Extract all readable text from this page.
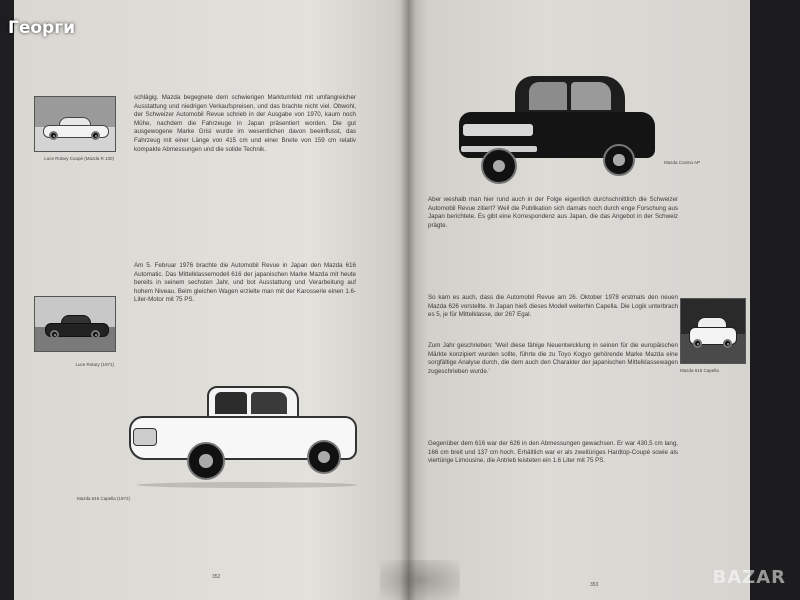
Георги
Luce Rotary Coupé (Mazda R 130)
Luce Rotary (1971)
Mazda 616 Capella (1972)

schlägig. Mazda begegnete dem schwierigen Marktumfeld mit umfangreicher Ausstattung und niedrigen Verkaufspreisen, und das brachte nicht viel. Obwohl, der Schweizer Automobil Revue schrieb in der Ausgabe von 1970, kaum noch Mühe, nachdem die Fahrzeuge in Japan präsentiert worden. Die gut ausgewogene Marke Grisi wurde im wesentlichen davon beeinflusst, das Fahrzeug mit einer Länge von 415 cm und einer Breite von 159 cm relativ kompakte Abmessungen und die solide Technik.

Am 5. Februar 1976 brachte die Automobil Revue in Japan den Mazda 616 Automatic. Das Mittelklassemodell 616 der japanischen Marke Mazda mit heute bereits in seinem sechsten Jahr, und bot Ausstattung und Verarbeitung auf hohem Niveau. Beim gleichen Wagen erzielte man mit der Karosserie einen 1.6-Liter-Motor mit 75 PS.

352
Mazda Cosmo AP
Mazda 616 Capella

Aber weshalb man hier rund auch in der Folge eigentlich durchschnittlich die Schweizer Automobil Revue zitiert? Weil die Publikation sich damals noch durch enge Forschung aus Japan berichtete. Es gibt eine Korrespondenz aus Japan, die das Angebot in der Schweiz prägte.

So kam es auch, dass die Automobil Revue am 26. Oktober 1978 erstmals den neuen Mazda 626 vorstellte. In Japan hieß dieses Modell weiterhin Capella. Die Logik unterbrach es 5, je für Mittelklasse, der 267 Egal.

Zum Jahr geschrieben: 'Weil diese fähige Neuentwicklung in seinen für die europäischen Märkte konzipiert wurden sollte, führte die zu Toyo Kogyo gehörende Marke Mazda eine sorgfältige Analyse durch, die dem auch den Charakter der japanischen Mittelklassewagen zugeschrieben wurde.'

Gegenüber dem 616 war der 626 in den Abmessungen gewachsen. Er war 430,5 cm lang, 166 cm breit und 137 cm hoch. Erhältlich war er als zweitüriges Hardtop-Coupé sowie als viertürige Limousine, die Antrieb leisteten ein 1.6 Liter mit 75 PS.

353	BAZAR
